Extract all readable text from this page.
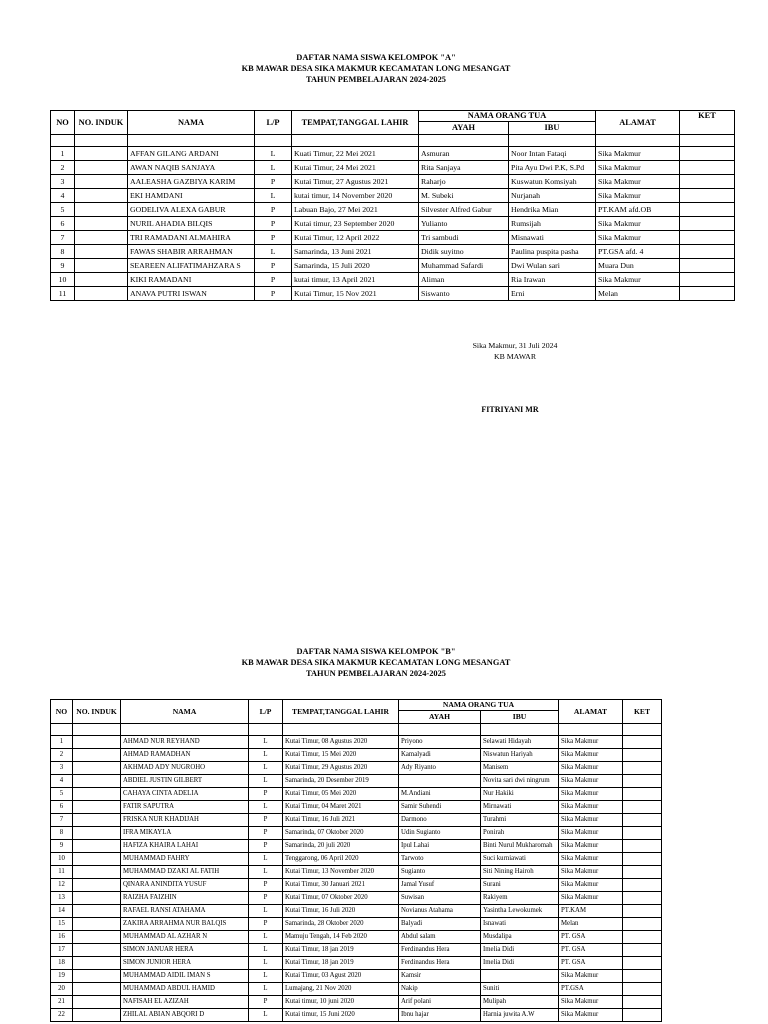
DAFTAR NAMA SISWA KELOMPOK "A"
KB MAWAR DESA SIKA MAKMUR KECAMATAN LONG MESANGAT
TAHUN PEMBELAJARAN 2024-2025
NO	NO. INDUK	NAMA	L/P	TEMPAT,TANGGAL LAHIR	NAMA ORANG TUA		ALAMAT	KET
					AYAH	IBU		

1		AFFAN GILANG ARDANI	L	Kuati Timur, 22 Mei 2021	Asmuran	Noor Intan Fataqi	Sika Makmur	
2		AWAN NAQIB SANJAYA	L	Kutai Timur, 24 Mei 2021	Rita Sanjaya	Pita Ayu Dwi P.K, S.Pd	Sika Makmur	
3		AALEASHA GAZBIYA KARIM	P	Kutai Timur, 27 Agustus 2021	Raharjo	Kuswatun Komsiyah	Sika Makmur	
4		EKI HAMDANI	L	kutai timur, 14 November 2020	M. Subeki	Nurjanah	Sika Makmur	
5		GODELIVA ALEXA GABUR	P	Labuan Bajo, 27 Mei 2021	Silvester Alfred Gabur	Hendrika Mian	PT.KAM afd.OB	
6		NURIL AHADIA BILQIS	P	Kutai timur, 23 September 2020	Yulianto	Rumsijah	Sika Makmur	
7		TRI RAMADANI ALMAHIRA	P	Kutai Timur, 12 April 2022	Tri sambudi	Misnawati	Sika Makmur	
8		FAWAS SHABIR ARRAHMAN	L	Samarinda, 13 Juni 2021	Didik suyitno	Paulina puspita pasha	PT.GSA afd. 4	
9		SEAREEN ALIFATIMAHZARA S	P	Samarinda, 15 Juli 2020	Muhammad Safardi	Dwi Wulan sari	Muara Dun	
10		KIKI RAMADANI	P	kutai timur, 13 April 2021	Aliman	Ria Irawan	Sika Makmur	
11		ANAVA PUTRI ISWAN	P	Kutai Timur, 15 Nov 2021	Siswanto	Erni	Melan	
Sika Makmur, 31 Juli 2024
KB MAWAR
FITRIYANI MR
DAFTAR NAMA SISWA KELOMPOK "B"
KB MAWAR DESA SIKA MAKMUR KECAMATAN LONG MESANGAT
TAHUN PEMBELAJARAN 2024-2025
NO	NO. INDUK	NAMA	L/P	TEMPAT,TANGGAL LAHIR	NAMA ORANG TUA		ALAMAT	KET
					AYAH	IBU		

1		AHMAD NUR REYHAND	L	Kutai Timur, 08 Agustus 2020	Priyono	Selawati Hidayah	Sika Makmur	
2		AHMAD RAMADHAN	L	Kutai Timur, 15 Mei 2020	Kamalyadi	Niswatun Hariyah	Sika Makmur	
3		AKHMAD ADY NUGROHO	L	Kutai Timur, 29 Agustus 2020	Ady Riyanto	Manisem	Sika Makmur	
4		ABDIEL JUSTIN GILBERT	L	Samarinda, 20 Desember 2019		Novita sari dwi ningrum	Sika Makmur	
5		CAHAYA CINTA ADELIA	P	Kutai Timur, 05 Mei 2020	M.Andiani	Nur Hakiki	Sika Makmur	
6		FATIR SAPUTRA	L	Kutai Timur, 04 Maret 2021	Samir Suhendi	Mirnawati	Sika Makmur	
7		FRISKA NUR KHADIJAH	P	Kutai Timur, 16 Juli 2021	Darmono	Turahmi	Sika Makmur	
8		IFRA MIKAYLA	P	Samarinda, 07 Oktober 2020	Udin Sugianto	Ponirah	Sika Makmur	
9		HAFIZA KHAIRA LAHAI	P	Samarinda, 20 juli 2020	Ipul Lahai	Binti Nurul Mukharomah	Sika Makmur	
10		MUHAMMAD FAHRY	L	Tenggarong, 06 April 2020	Tarwoto	Suci kurniawati	Sika Makmur	
11		MUHAMMAD DZAKI AL FATIH	L	Kutai Timur, 13 November 2020	Sugianto	Siti Nining Hairoh	Sika Makmur	
12		QINARA ANINDITA YUSUF	P	Kutai Timur, 30 Januari 2021	Jamal Yusuf	Surani	Sika Makmur	
13		RAIZHA FAIZHIN	P	Kutai Timur, 07 Oktober 2020	Suwisan	Rakiyem	Sika Makmur	
14		RAFAEL RANSI ATAHAMA	L	Kutai Timur, 16 Juli 2020	Novianus Atahama	Yasintha Lewokumek	PT.KAM	
15		ZAKIRA ARRAHMA NUR BALQIS	P	Samarinda, 28 Oktober 2020	Balyadi	Isnawati	Melan	
16		MUHAMMAD AL AZHAR N	L	Mamuju Tengah, 14 Feb 2020	Abdul salam	Musdalipa	PT. GSA	
17		SIMON JANUAR HERA	L	Kutai Timur, 18 jan 2019	Ferdinandus Hera	Imelia Didi	PT. GSA	
18		SIMON JUNIOR HERA	L	Kutai Timur, 18 jan 2019	Ferdinandus Hera	Imelia Didi	PT. GSA	
19		MUHAMMAD AIDIL IMAN S	L	Kutai Timur, 03 Agust 2020	Kamsir		Sika Makmur	
20		MUHAMMAD ABDUL HAMID	L	Lumajang, 21 Nov 2020	Nakip	Suniti	PT.GSA	
21		NAFISAH EL AZIZAH	P	Kutai timur, 10 juni 2020	Arif polani	Mulipah	Sika Makmur	
22		ZHILAL ABIAN ABQORI D	L	Kutai timur, 15 Juni 2020	Ibnu hajar	Harnia juwita A.W	Sika Makmur	
